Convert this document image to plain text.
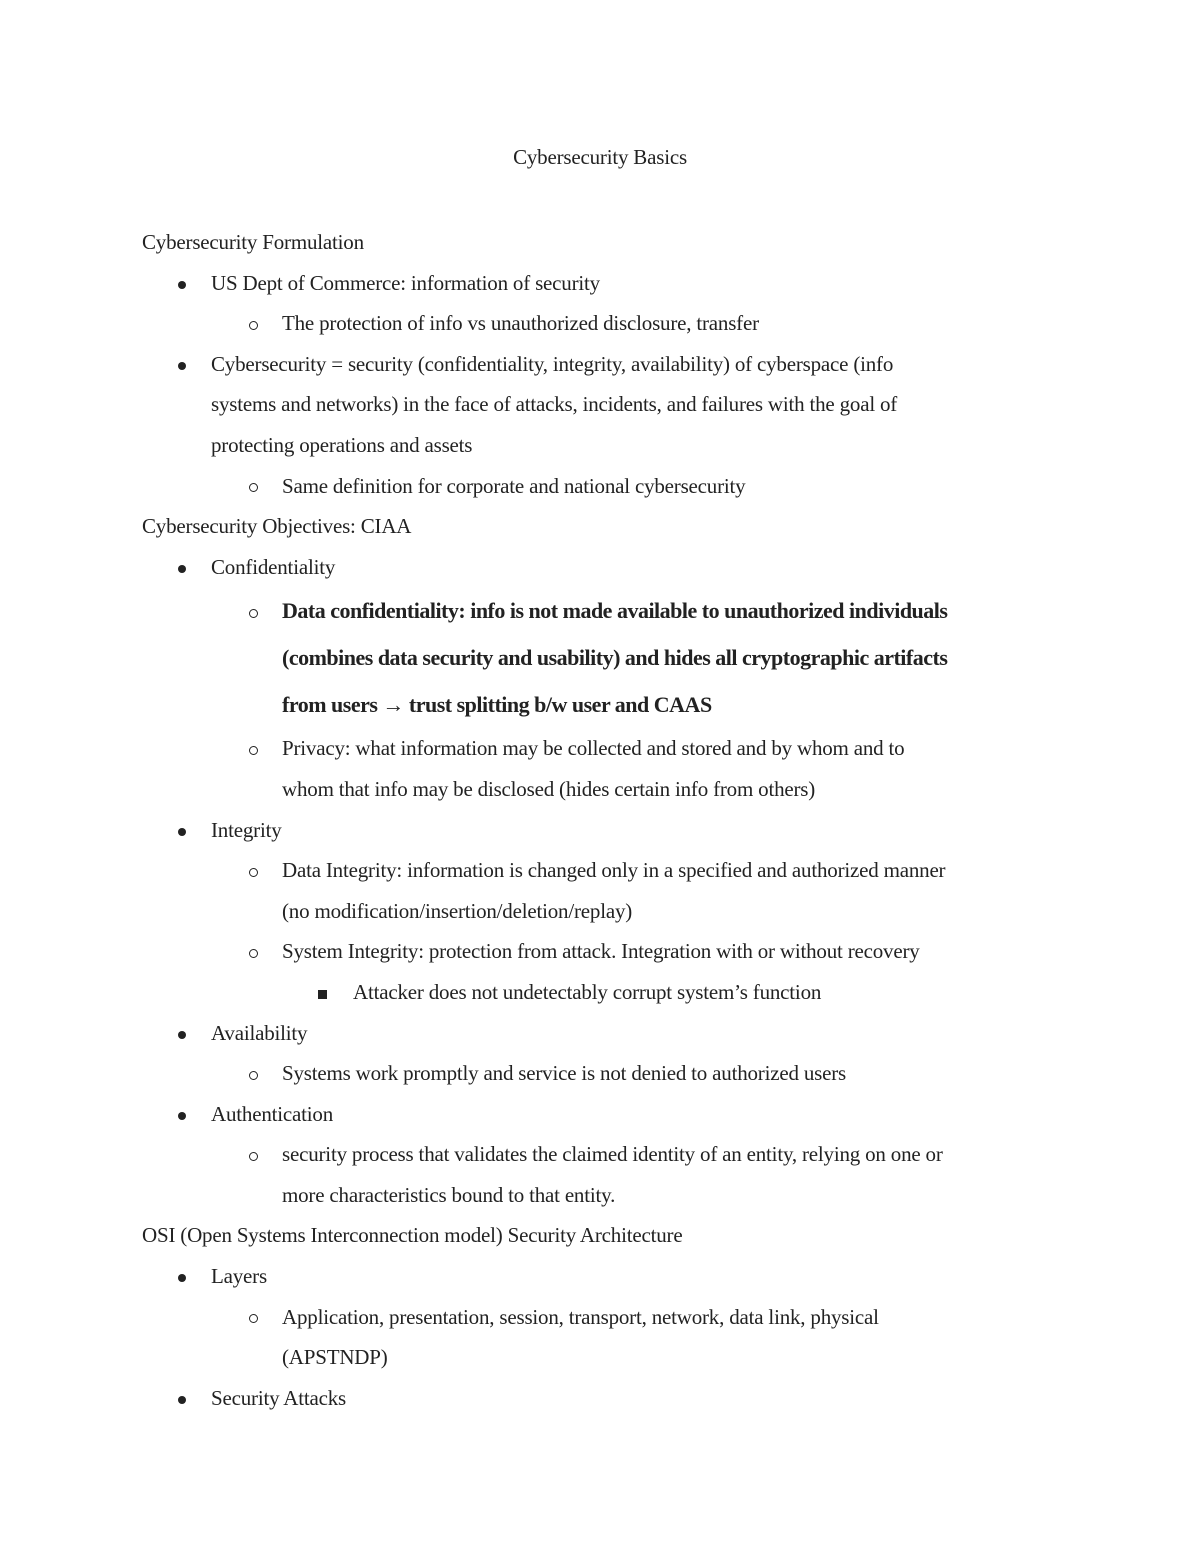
Cybersecurity Basics
Cybersecurity Formulation
US Dept of Commerce: information of security
The protection of info vs unauthorized disclosure, transfer
Cybersecurity = security (confidentiality, integrity, availability) of cyberspace (info
systems and networks) in the face of attacks, incidents, and failures with the goal of
protecting operations and assets
Same definition for corporate and national cybersecurity
Cybersecurity Objectives: CIAA
Confidentiality
Data confidentiality: info is not made available to unauthorized individuals
(combines data security and usability) and hides all cryptographic artifacts
from users → trust splitting b/w user and CAAS
Privacy: what information may be collected and stored and by whom and to
whom that info may be disclosed (hides certain info from others)
Integrity
Data Integrity: information is changed only in a specified and authorized manner
(no modification/insertion/deletion/replay)
System Integrity: protection from attack. Integration with or without recovery
Attacker does not undetectably corrupt system’s function
Availability
Systems work promptly and service is not denied to authorized users
Authentication
security process that validates the claimed identity of an entity, relying on one or
more characteristics bound to that entity.
OSI (Open Systems Interconnection model) Security Architecture
Layers
Application, presentation, session, transport, network, data link, physical
(APSTNDP)
Security Attacks
